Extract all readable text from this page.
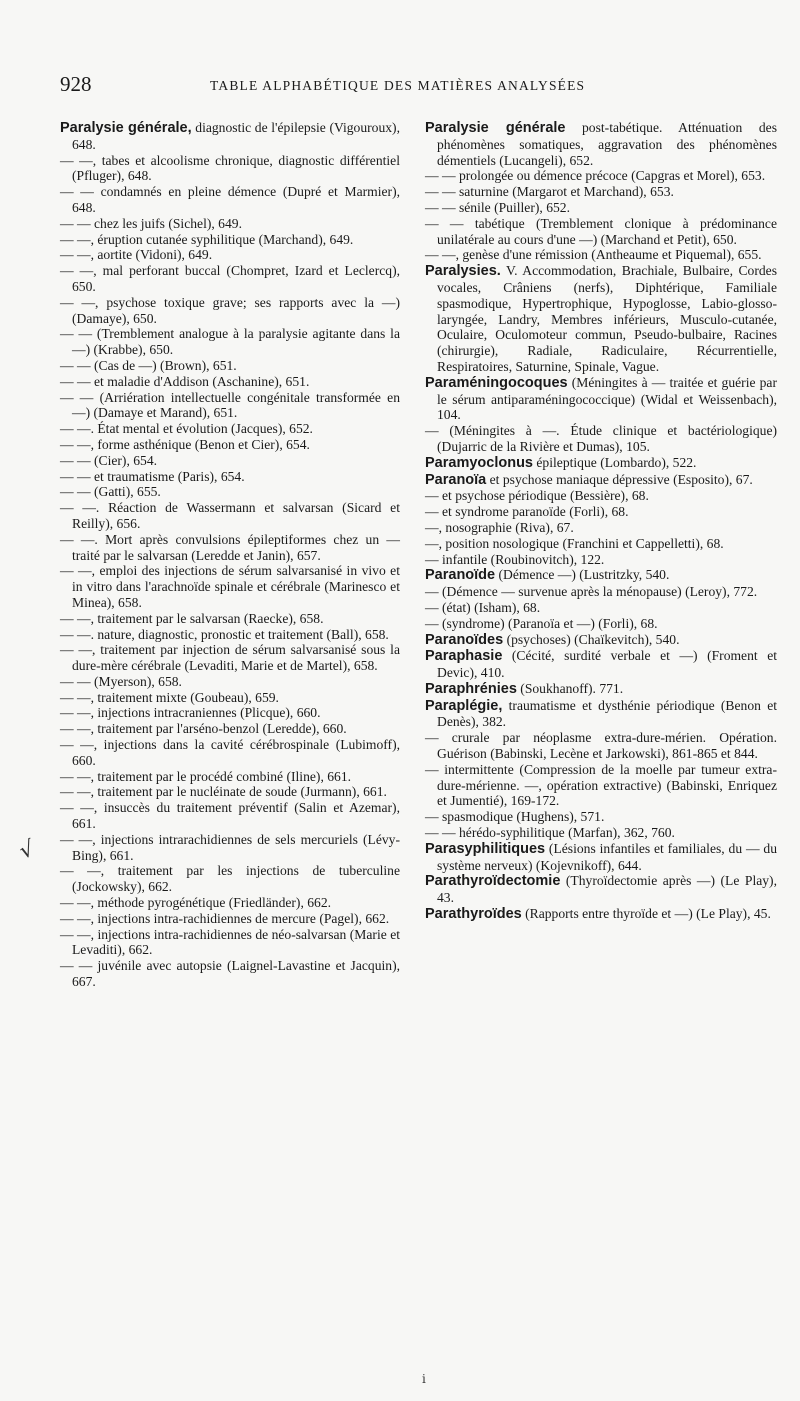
928	TABLE ALPHABÉTIQUE DES MATIÈRES ANALYSÉES

Paralysie générale, diagnostic de l'épilepsie (Vigouroux), 648.

— —, tabes et alcoolisme chronique, diagnostic différentiel (Pfluger), 648.

— — condamnés en pleine démence (Dupré et Marmier), 648.

— — chez les juifs (Sichel), 649.

— —, éruption cutanée syphilitique (Marchand), 649.

— —, aortite (Vidoni), 649.

— —, mal perforant buccal (Chompret, Izard et Leclercq), 650.

— —, psychose toxique grave; ses rapports avec la —) (Damaye), 650.

— — (Tremblement analogue à la paralysie agitante dans la —) (Krabbe), 650.

— — (Cas de —) (Brown), 651.

— — et maladie d'Addison (Aschanine), 651.

— — (Arriération intellectuelle congénitale transformée en —) (Damaye et Marand), 651.

— —. État mental et évolution (Jacques), 652.

— —, forme asthénique (Benon et Cier), 654.

— — (Cier), 654.

— — et traumatisme (Paris), 654.

— — (Gatti), 655.

— —. Réaction de Wassermann et salvarsan (Sicard et Reilly), 656.

— —. Mort après convulsions épileptiformes chez un — traité par le salvarsan (Leredde et Janin), 657.

— —, emploi des injections de sérum salvarsanisé in vivo et in vitro dans l'arachnoïde spinale et cérébrale (Marinesco et Minea), 658.

— —, traitement par le salvarsan (Raecke), 658.

— —. nature, diagnostic, pronostic et traitement (Ball), 658.

— —, traitement par injection de sérum salvarsanisé sous la dure-mère cérébrale (Levaditi, Marie et de Martel), 658.

— — (Myerson), 658.

— —, traitement mixte (Goubeau), 659.

— —, injections intracraniennes (Plicque), 660.

— —, traitement par l'arséno-benzol (Leredde), 660.

— —, injections dans la cavité cérébrospinale (Lubimoff), 660.

— —, traitement par le procédé combiné (Iline), 661.

— —, traitement par le nucléinate de soude (Jurmann), 661.

— —, insuccès du traitement préventif (Salin et Azemar), 661.

— —, injections intrarachidiennes de sels mercuriels (Lévy-Bing), 661.

— —, traitement par les injections de tuberculine (Jockowsky), 662.

— —, méthode pyrogénétique (Friedländer), 662.

— —, injections intra-rachidiennes de mercure (Pagel), 662.

— —, injections intra-rachidiennes de néo-salvarsan (Marie et Levaditi), 662.

— — juvénile avec autopsie (Laignel-Lavastine et Jacquin), 667.

Paralysie générale post-tabétique. Atténuation des phénomènes somatiques, aggravation des phénomènes démentiels (Lucangeli), 652.

— — prolongée ou démence précoce (Capgras et Morel), 653.

— — saturnine (Margarot et Marchand), 653.

— — sénile (Puiller), 652.

— — tabétique (Tremblement clonique à prédominance unilatérale au cours d'une —) (Marchand et Petit), 650.

— —, genèse d'une rémission (Antheaume et Piquemal), 655.

Paralysies. V. Accommodation, Brachiale, Bulbaire, Cordes vocales, Crâniens (nerfs), Diphtérique, Familiale spasmodique, Hypertrophique, Hypoglosse, Labio-glosso-laryngée, Landry, Membres inférieurs, Musculo-cutanée, Oculaire, Oculomoteur commun, Pseudo-bulbaire, Racines (chirurgie), Radiale, Radiculaire, Récurrentielle, Respiratoires, Saturnine, Spinale, Vague.

Paraméningocoques (Méningites à — traitée et guérie par le sérum antiparaméningococcique) (Widal et Weissenbach), 104.

— (Méningites à —. Étude clinique et bactériologique) (Dujarric de la Rivière et Dumas), 105.

Paramyoclonus épileptique (Lombardo), 522.

Paranoïa et psychose maniaque dépressive (Esposito), 67.

— et psychose périodique (Bessière), 68.

— et syndrome paranoïde (Forli), 68.

—, nosographie (Riva), 67.

—, position nosologique (Franchini et Cappelletti), 68.

— infantile (Roubinovitch), 122.

Paranoïde (Démence —) (Lustritzky, 540.

— (Démence — survenue après la ménopause) (Leroy), 772.

— (état) (Isham), 68.

— (syndrome) (Paranoïa et —) (Forli), 68.

Paranoïdes (psychoses) (Chaïkevitch), 540.

Paraphasie (Cécité, surdité verbale et —) (Froment et Devic), 410.

Paraphrénies (Soukhanoff). 771.

Paraplégie, traumatisme et dysthénie périodique (Benon et Denès), 382.

— crurale par néoplasme extra-dure-mérien. Opération. Guérison (Babinski, Lecène et Jarkowski), 861-865 et 844.

— intermittente (Compression de la moelle par tumeur extra-dure-mérienne. —, opération extractive) (Babinski, Enriquez et Jumentié), 169-172.

— spasmodique (Hughens), 571.

— — hérédo-syphilitique (Marfan), 362, 760.

Parasyphilitiques (Lésions infantiles et familiales, du — du système nerveux) (Kojevnikoff), 644.

Parathyroïdectomie (Thyroïdectomie après —) (Le Play), 43.

Parathyroïdes (Rapports entre thyroïde et —) (Le Play), 45.

√
i
